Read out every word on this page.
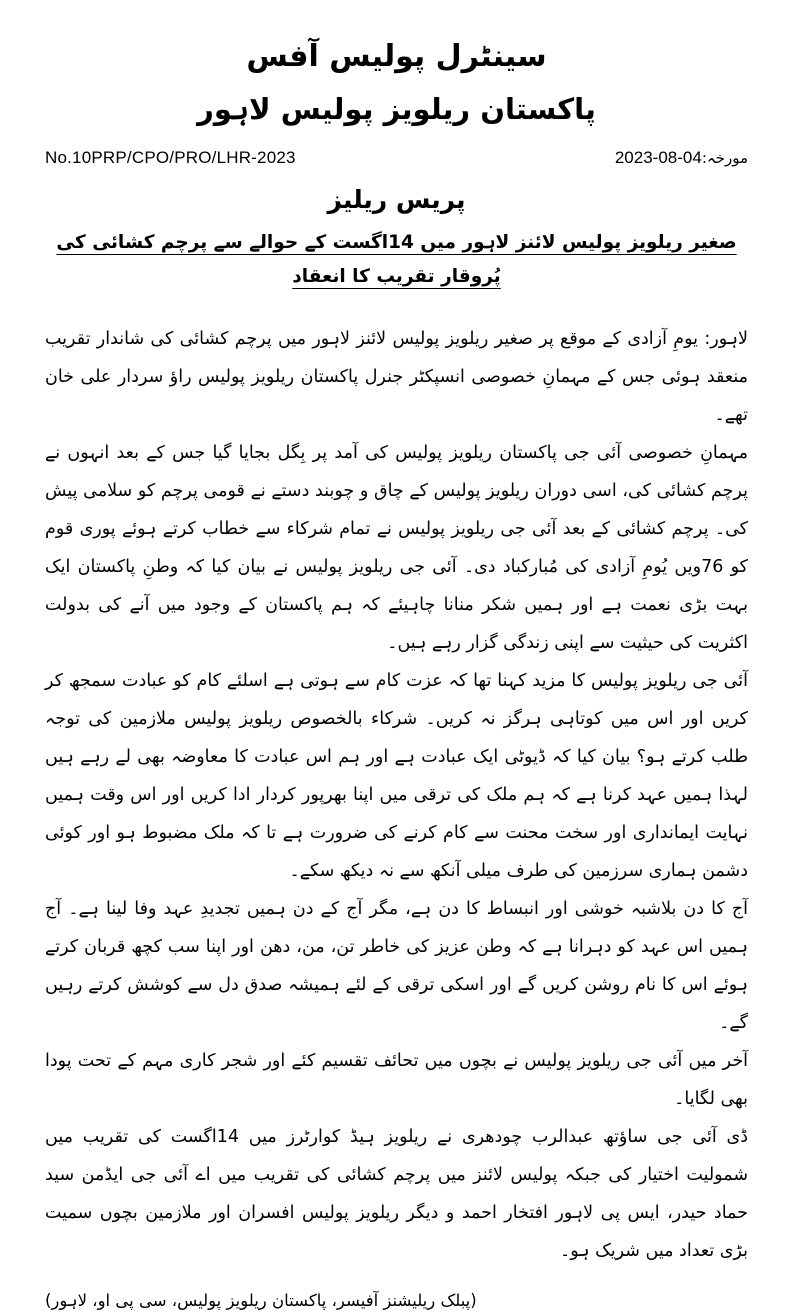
سینٹرل پولیس آفس
پاکستان ریلویز پولیس لاہور
No.10PRP/CPO/PRO/LHR-2023	مورخہ:04-08-2023
پریس ریلیز
صغیر ریلویز پولیس لائنز لاہور میں 14اگست کے حوالے سے پرچم کشائی کی پُروقار تقریب کا انعقاد

لاہور: یومِ آزادی کے موقع پر صغیر ریلویز پولیس لائنز لاہور میں پرچم کشائی کی شاندار تقریب منعقد ہوئی جس کے مہمانِ خصوصی انسپکٹر جنرل پاکستان ریلویز پولیس راؤ سردار علی خان تھے۔

مہمانِ خصوصی آئی جی پاکستان ریلویز پولیس کی آمد پر بِگل بجایا گیا جس کے بعد انہوں نے پرچم کشائی کی، اسی دوران ریلویز پولیس کے چاق و چوبند دستے نے قومی پرچم کو سلامی پیش کی۔ پرچم کشائی کے بعد آئی جی ریلویز پولیس نے تمام شرکاء سے خطاب کرتے ہوئے پوری قوم کو 76ویں یُومِ آزادی کی مُبارکباد دی۔ آئی جی ریلویز پولیس نے بیان کیا کہ وطنِ پاکستان ایک بہت بڑی نعمت ہے اور ہمیں شکر منانا چاہیئے کہ ہم پاکستان کے وجود میں آنے کی بدولت اکثریت کی حیثیت سے اپنی زندگی گزار رہے ہیں۔

آئی جی ریلویز پولیس کا مزید کہنا تھا کہ عزت کام سے ہوتی ہے اسلئے کام کو عبادت سمجھ کر کریں اور اس میں کوتاہی ہرگز نہ کریں۔ شرکاء بالخصوص ریلویز پولیس ملازمین کی توجہ طلب کرتے ہو؟ بیان کیا کہ ڈیوٹی ایک عبادت ہے اور ہم اس عبادت کا معاوضہ بھی لے رہے ہیں لہذا ہمیں عہد کرنا ہے کہ ہم ملک کی ترقی میں اپنا بھرپور کردار ادا کریں اور اس وقت ہمیں نہایت ایمانداری اور سخت محنت سے کام کرنے کی ضرورت ہے تا کہ ملک مضبوط ہو اور کوئی دشمن ہماری سرزمین کی طرف میلی آنکھ سے نہ دیکھ سکے۔

آج کا دن بلاشبہ خوشی اور انبساط کا دن ہے، مگر آج کے دن ہمیں تجدیدِ عہد وفا لینا ہے۔ آج ہمیں اس عہد کو دہرانا ہے کہ وطن عزیز کی خاطر تن، من، دھن اور اپنا سب کچھ قربان کرتے ہوئے اس کا نام روشن کریں گے اور اسکی ترقی کے لئے ہمیشہ صدق دل سے کوشش کرتے رہیں گے۔

آخر میں آئی جی ریلویز پولیس نے بچوں میں تحائف تقسیم کئے اور شجر کاری مہم کے تحت پودا بھی لگایا۔

ڈی آئی جی ساؤتھ عبدالرب چودھری نے ریلویز ہیڈ کوارٹرز میں 14اگست کی تقریب میں شمولیت اختیار کی جبکہ پولیس لائنز میں پرچم کشائی کی تقریب میں اے آئی جی ایڈمن سید حماد حیدر، ایس پی لاہور افتخار احمد و دیگر ریلویز پولیس افسران اور ملازمین بچوں سمیت بڑی تعداد میں شریک ہو۔

(پبلک ریلیشنز آفیسر، پاکستان ریلویز پولیس، سی پی او، لاہور)
